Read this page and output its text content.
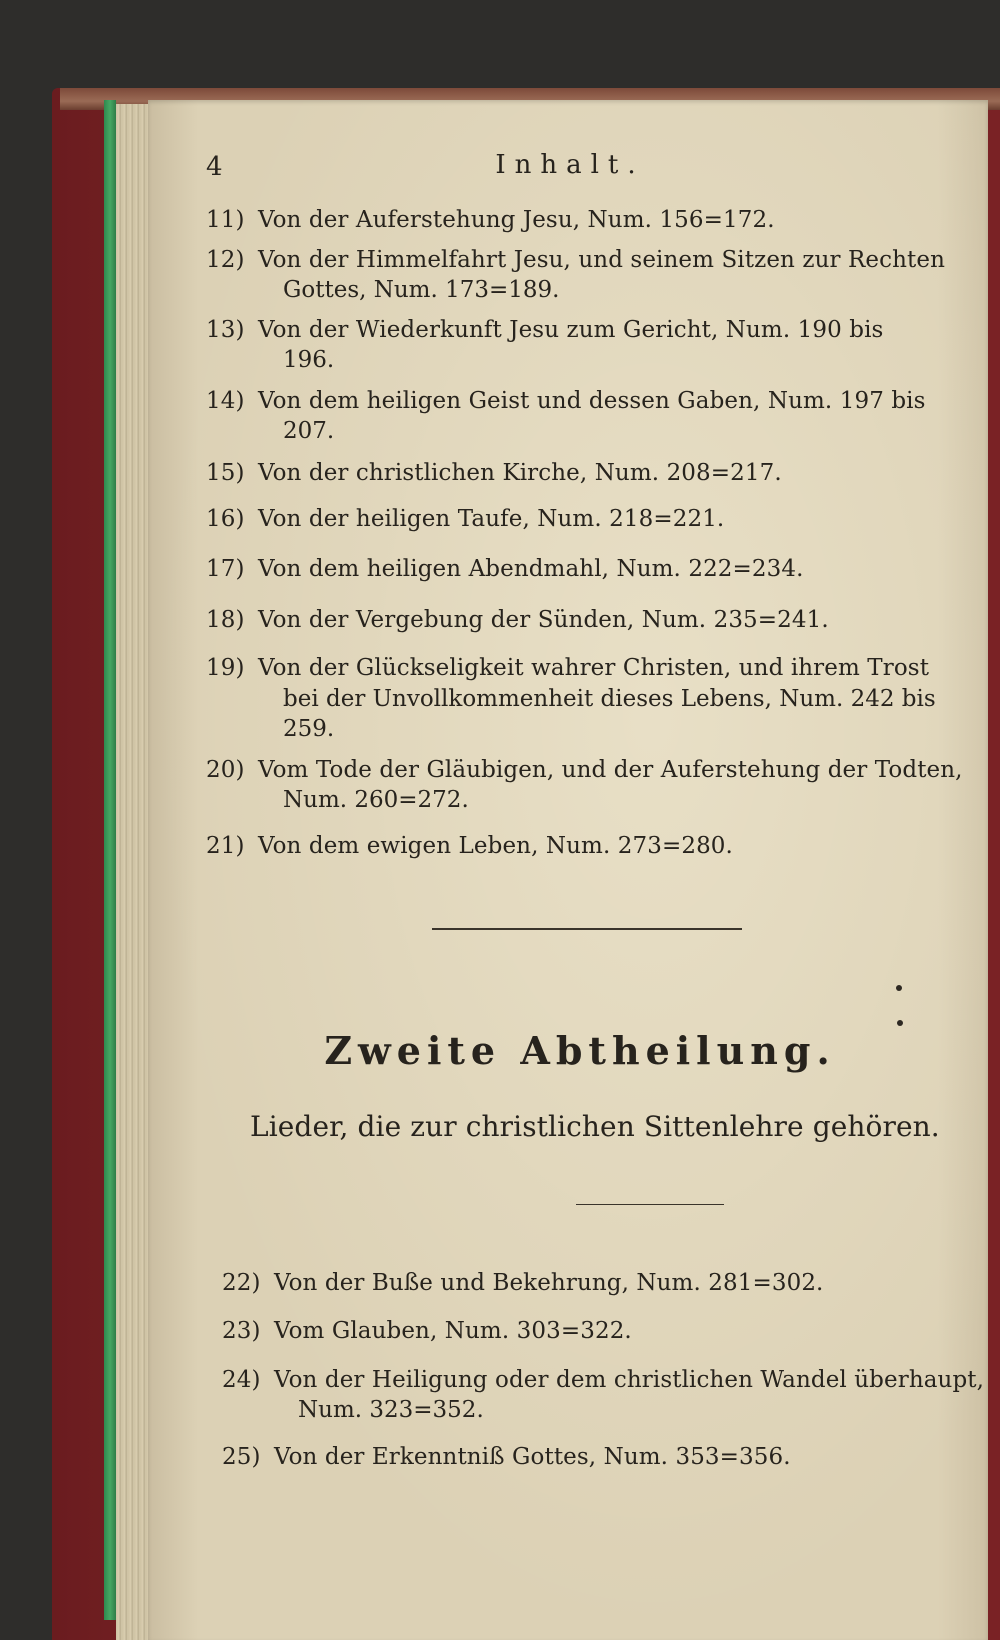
4	Inhalt.
11) Von der Auferstehung Jesu, Num. 156=172.
12) Von der Himmelfahrt Jesu, und seinem Sitzen zur Rechten
Gottes, Num. 173=189.
13) Von der Wiederkunft Jesu zum Gericht, Num. 190 bis
196.
14) Von dem heiligen Geist und dessen Gaben, Num. 197 bis
207.
15) Von der christlichen Kirche, Num. 208=217.
16) Von der heiligen Taufe, Num. 218=221.
17) Von dem heiligen Abendmahl, Num. 222=234.
18) Von der Vergebung der Sünden, Num. 235=241.
19) Von der Glückseligkeit wahrer Christen, und ihrem Trost
bei der Unvollkommenheit dieses Lebens, Num. 242 bis
259.
20) Vom Tode der Gläubigen, und der Auferstehung der Todten,
Num. 260=272.
21) Von dem ewigen Leben, Num. 273=280.
Zweite Abtheilung.
Lieder, die zur christlichen Sittenlehre gehören.
22) Von der Buße und Bekehrung, Num. 281=302.
23) Vom Glauben, Num. 303=322.
24) Von der Heiligung oder dem christlichen Wandel überhaupt,
Num. 323=352.
25) Von der Erkenntniß Gottes, Num. 353=356.
